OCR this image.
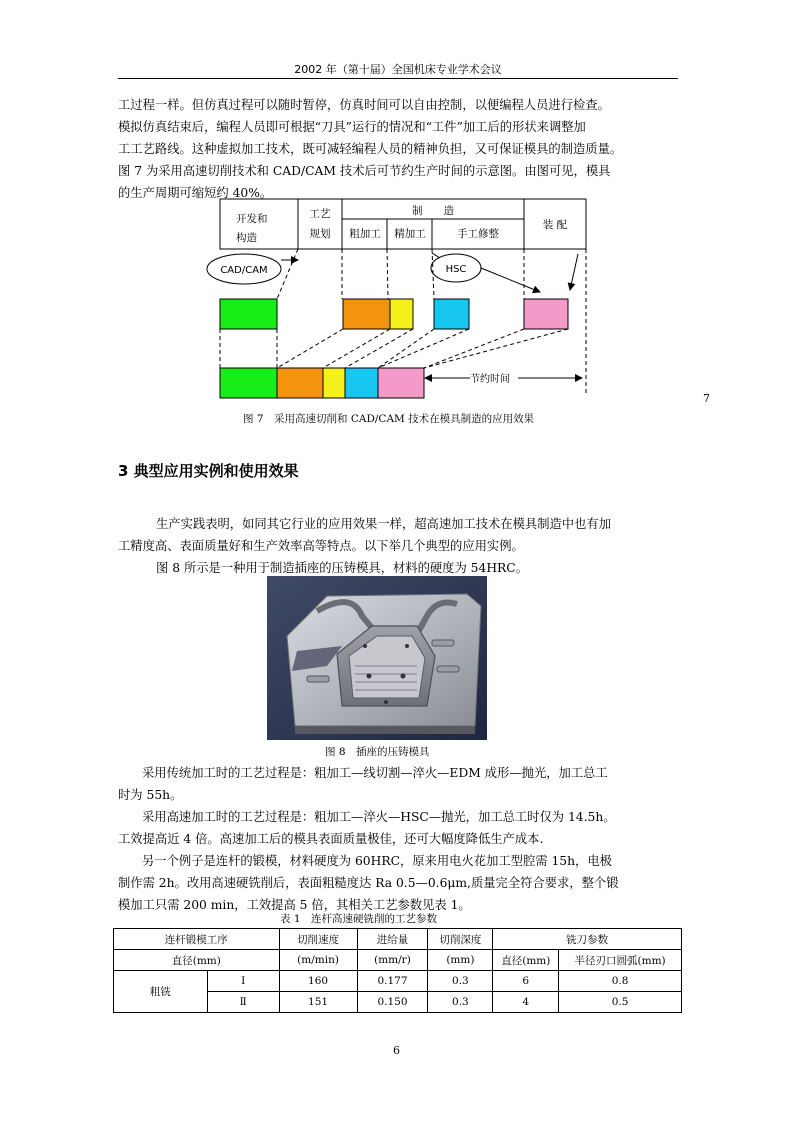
2002 年（第十届）全国机床专业学术会议
工过程一样。但仿真过程可以随时暂停，仿真时间可以自由控制，以便编程人员进行检查。
模拟仿真结束后，编程人员即可根据“刀具”运行的情况和“工件”加工后的形状来调整加
工工艺路线。这种虚拟加工技术，既可减轻编程人员的精神负担，又可保证模具的制造质量。
图 7 为采用高速切削技术和 CAD/CAM 技术后可节约生产时间的示意图。由图可见，模具
的生产周期可缩短约 40%。
开发和
构造
工艺
规划
制　　造
装 配
粗加工 精加工	手工修整
CAD/CAM	HSC
节约时间
图 7　采用高速切削和 CAD/CAM 技术在模具制造的应用效果
7
3 典型应用实例和使用效果
生产实践表明，如同其它行业的应用效果一样，超高速加工技术在模具制造中也有加
工精度高、表面质量好和生产效率高等特点。以下举几个典型的应用实例。
图 8 所示是一种用于制造插座的压铸模具，材料的硬度为 54HRC。
图 8　插座的压铸模具
采用传统加工时的工艺过程是：粗加工—线切割—淬火—EDM 成形—抛光，加工总工
时为 55h。
采用高速加工时的工艺过程是：粗加工—淬火—HSC—抛光，加工总工时仅为 14.5h。
工效提高近 4 倍。高速加工后的模具表面质量极佳，还可大幅度降低生产成本.
另一个例子是连杆的锻模，材料硬度为 60HRC，原来用电火花加工型腔需 15h，电极
制作需 2h。改用高速硬铣削后，表面粗糙度达 Ra 0.5—0.6μm,质量完全符合要求，整个锻
模加工只需 200 min，工效提高 5 倍，其相关工艺参数见表 1。
表 1　连杆高速硬铣削的工艺参数
连杆锻模工序		切削速度	进给量	切削深度	铣刀参数	
直径(mm)		(m/min)	(mm/r)	(mm)	直径(mm)	半径刃口圆弧(mm)
粗铣	Ⅰ	160	0.177	0.3	6	0.8
	Ⅱ	151	0.150	0.3	4	0.5
6
